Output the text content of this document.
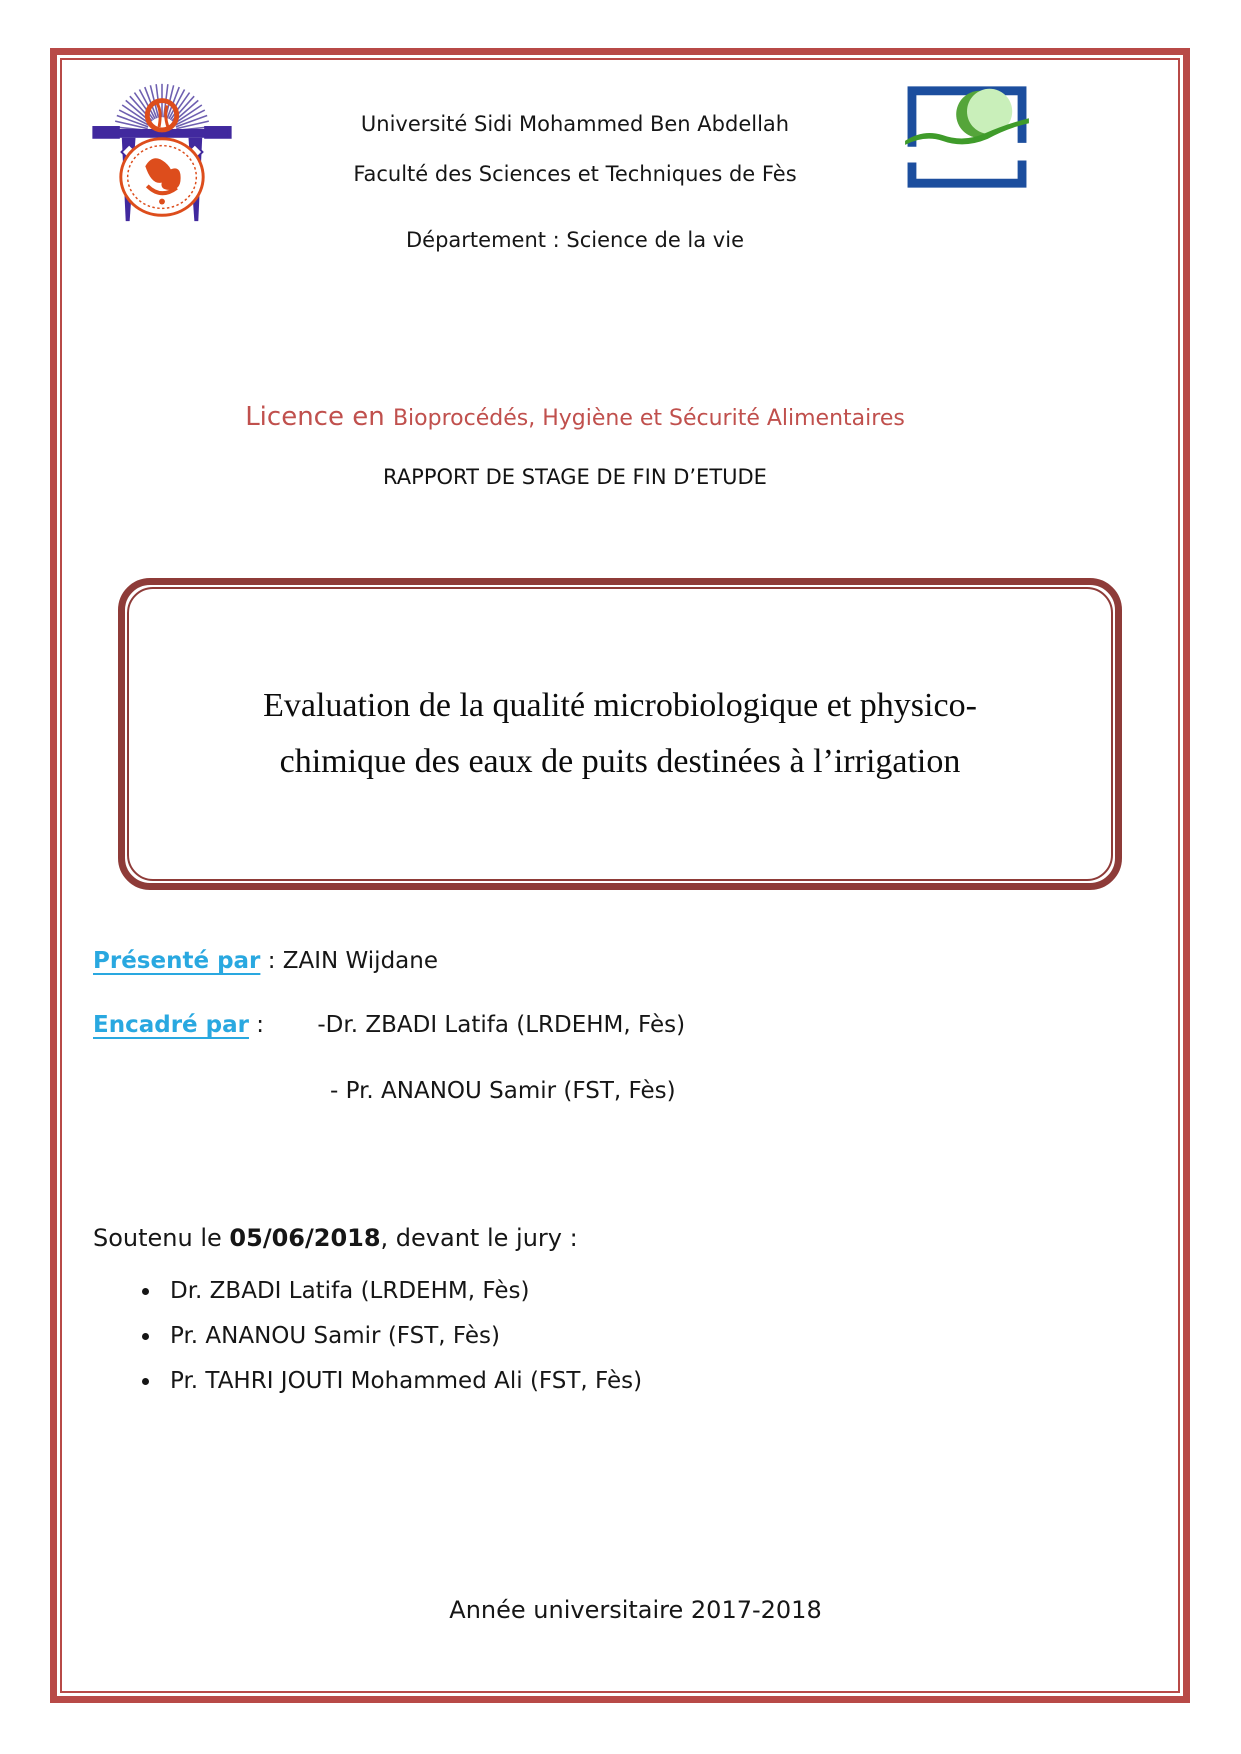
Université Sidi Mohammed Ben Abdellah
Faculté des Sciences et Techniques de Fès
Département : Science de la vie
Licence en Bioprocédés, Hygiène et Sécurité Alimentaires
RAPPORT DE STAGE DE FIN D’ETUDE
Evaluation de la qualité microbiologique et physico-
chimique des eaux de puits destinées à l’irrigation
Présenté par : ZAIN Wijdane
Encadré par : -Dr. ZBADI Latifa (LRDEHM, Fès)
- Pr. ANANOU Samir (FST, Fès)
Soutenu le 05/06/2018, devant le jury :
• Dr. ZBADI Latifa (LRDEHM, Fès)
• Pr. ANANOU Samir (FST, Fès)
• Pr. TAHRI JOUTI Mohammed Ali (FST, Fès)
Année universitaire 2017-2018
